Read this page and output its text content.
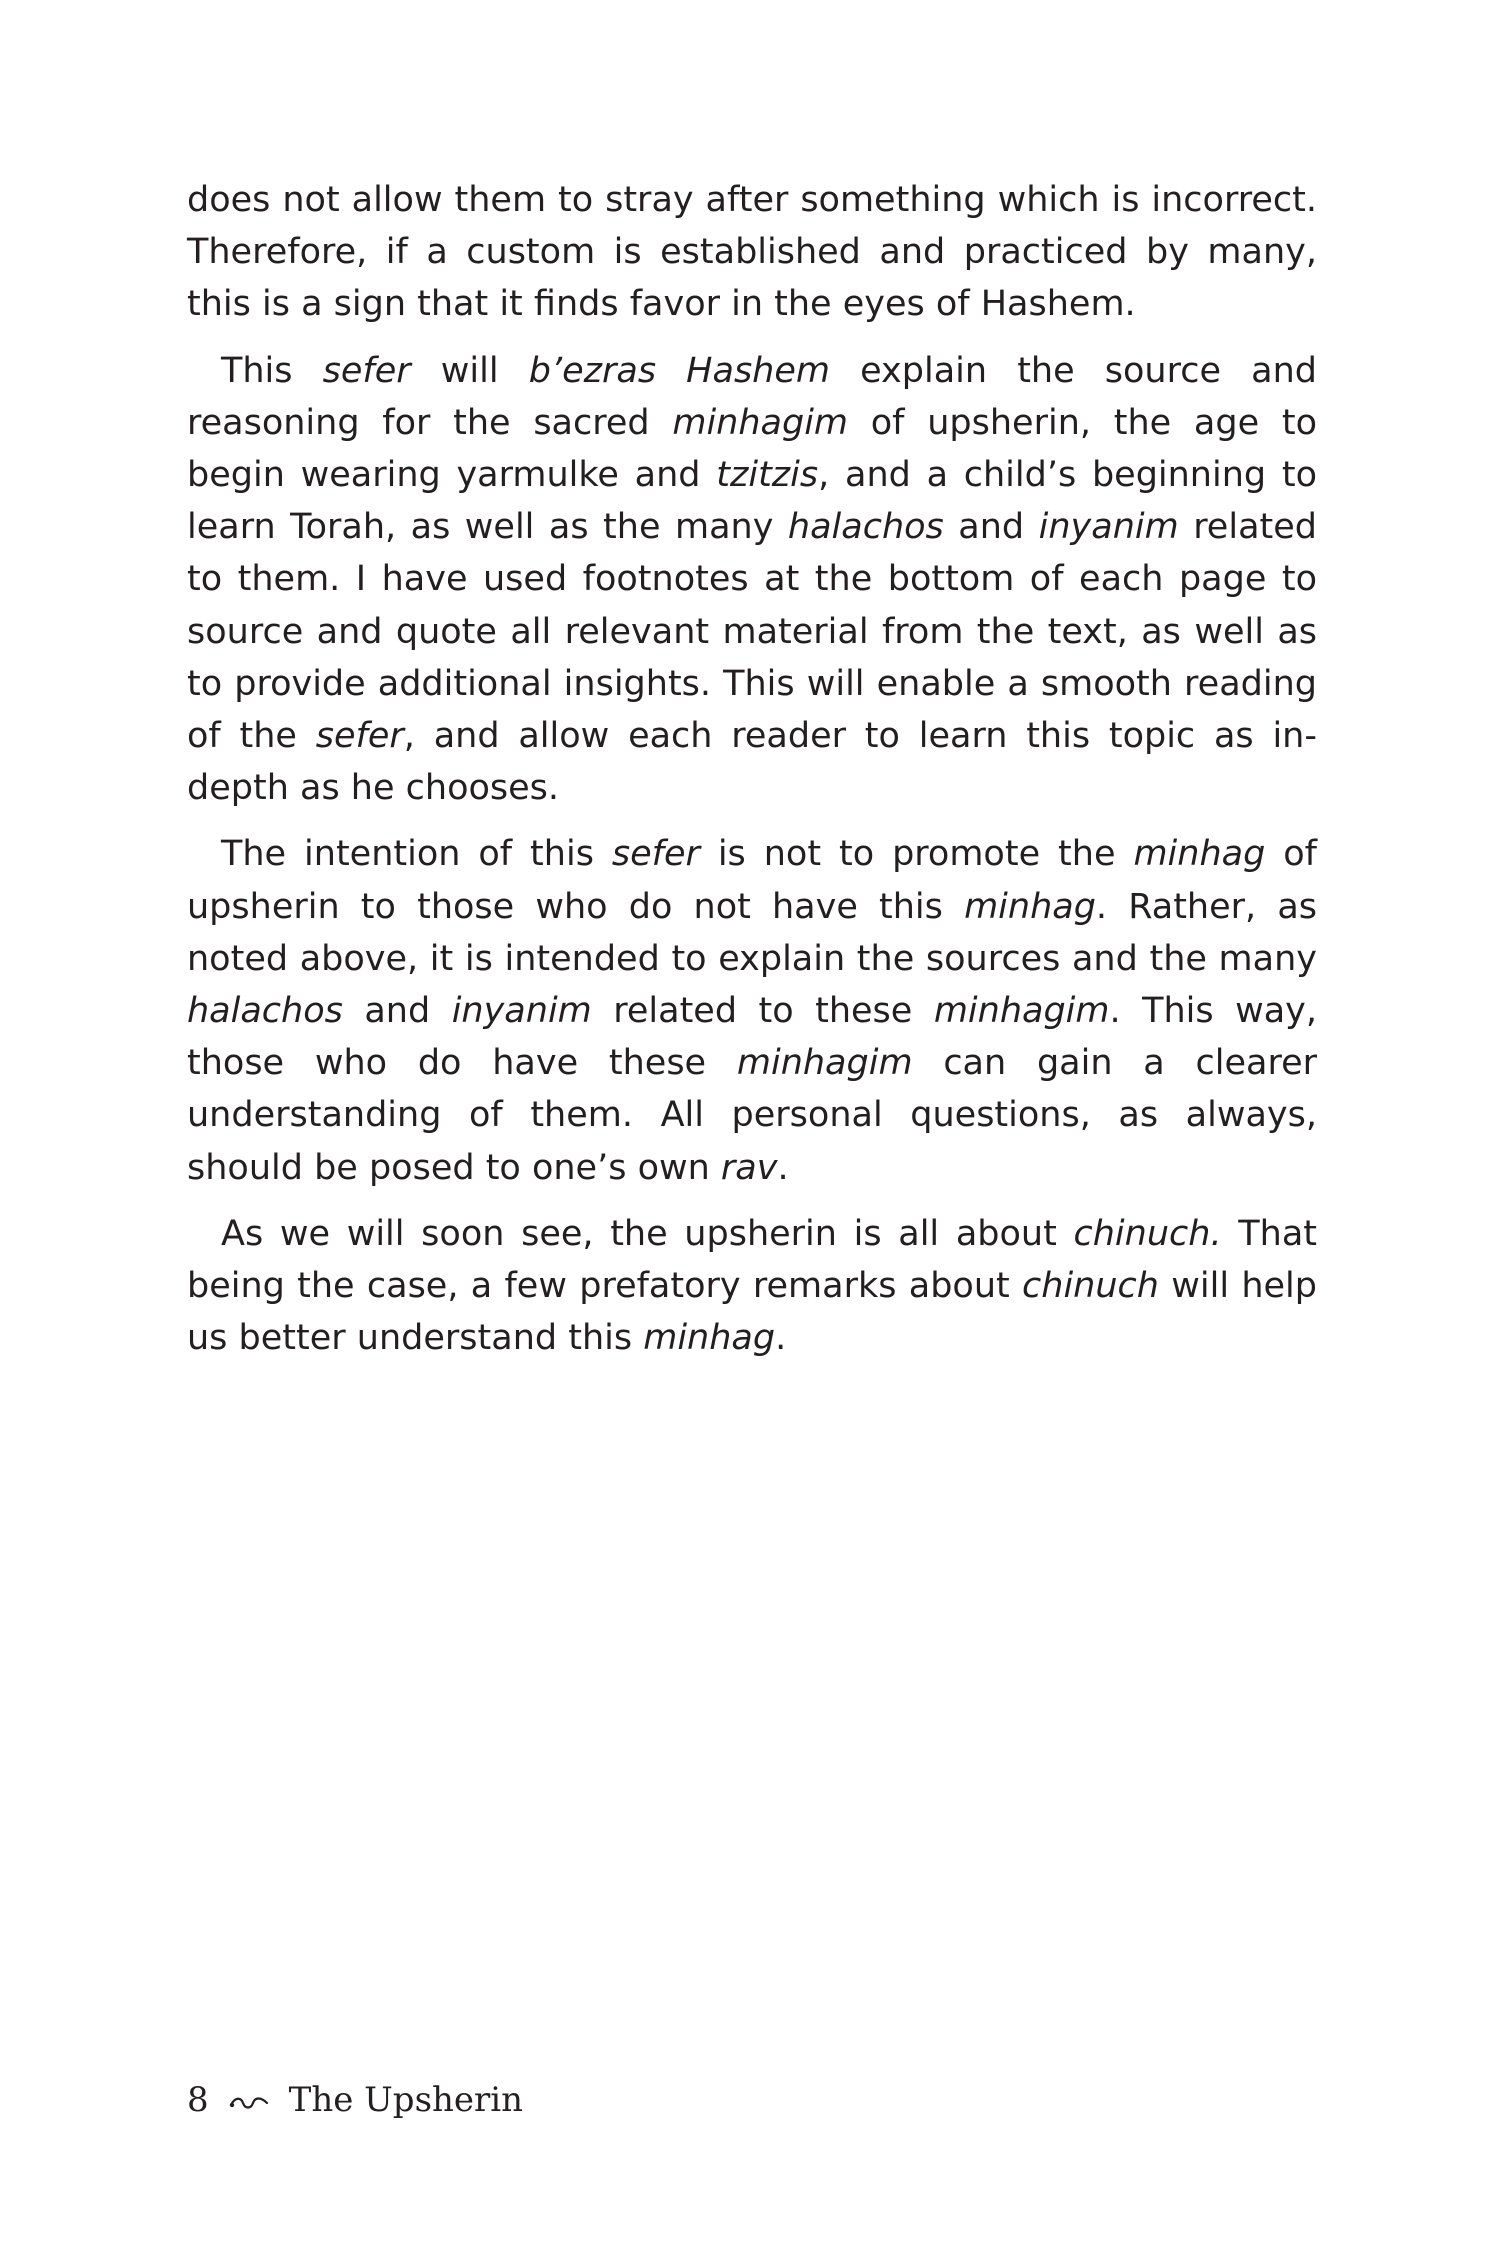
does not allow them to stray after something which is incorrect. Therefore, if a custom is established and practiced by many, this is a sign that it finds favor in the eyes of Hashem.

This sefer will b’ezras Hashem explain the source and reasoning for the sacred minhagim of upsherin, the age to begin wearing yarmulke and tzitzis, and a child’s beginning to learn Torah, as well as the many halachos and inyanim related to them. I have used footnotes at the bottom of each page to source and quote all relevant material from the text, as well as to provide additional insights. This will enable a smooth reading of the sefer, and allow each reader to learn this topic as in-depth as he chooses.

The intention of this sefer is not to promote the minhag of upsherin to those who do not have this minhag. Rather, as noted above, it is intended to explain the sources and the many halachos and inyanim related to these minhagim. This way, those who do have these minhagim can gain a clearer understanding of them. All personal questions, as always, should be posed to one’s own rav.

As we will soon see, the upsherin is all about chinuch. That being the case, a few prefatory remarks about chinuch will help us better understand this minhag.

8 The Upsherin
